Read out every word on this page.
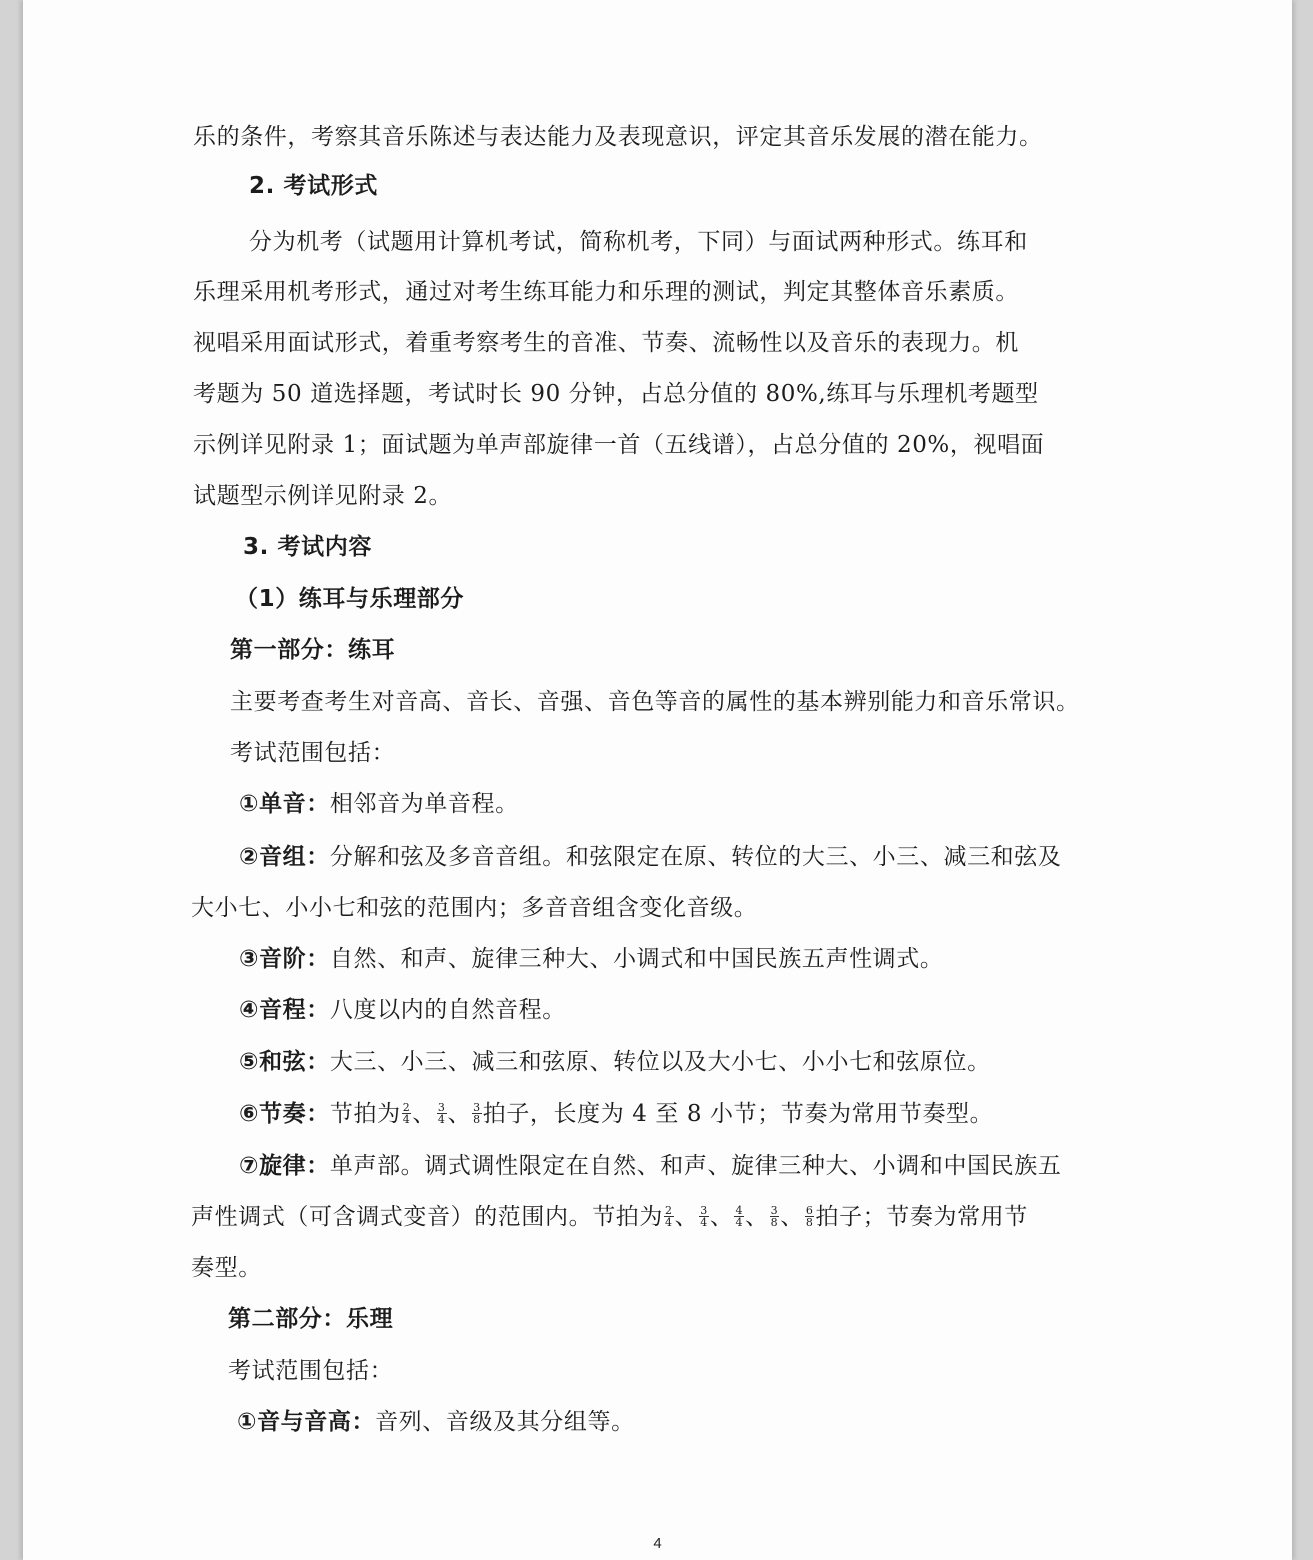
乐的条件，考察其音乐陈述与表达能力及表现意识，评定其音乐发展的潜在能力。
2. 考试形式
分为机考（试题用计算机考试，简称机考，下同）与面试两种形式。练耳和
乐理采用机考形式，通过对考生练耳能力和乐理的测试，判定其整体音乐素质。
视唱采用面试形式，着重考察考生的音准、节奏、流畅性以及音乐的表现力。机
考题为 50 道选择题，考试时长 90 分钟，占总分值的 80%,练耳与乐理机考题型
示例详见附录 1；面试题为单声部旋律一首（五线谱），占总分值的 20%，视唱面
试题型示例详见附录 2。
3. 考试内容
（1）练耳与乐理部分
第一部分：练耳
主要考查考生对音高、音长、音强、音色等音的属性的基本辨别能力和音乐常识。
考试范围包括：
①单音：相邻音为单音程。
②音组：分解和弦及多音音组。和弦限定在原、转位的大三、小三、减三和弦及
大小七、小小七和弦的范围内；多音音组含变化音级。
③音阶：自然、和声、旋律三种大、小调式和中国民族五声性调式。
④音程：八度以内的自然音程。
⑤和弦：大三、小三、减三和弦原、转位以及大小七、小小七和弦原位。
⑥节奏：节拍为 $\frac{2}{4}$ 、 $\frac{3}{4}$ 、 $\frac{3}{8}$ 拍子，长度为 4 至 8 小节；节奏为常用节奏型。
⑦旋律：单声部。调式调性限定在自然、和声、旋律三种大、小调和中国民族五
声性调式（可含调式变音）的范围内。节拍为 $\frac{2}{4}$ 、 $\frac{3}{4}$ 、 $\frac{4}{4}$ 、 $\frac{3}{8}$ 、 $\frac{6}{8}$ 拍子；节奏为常用节
奏型。
第二部分：乐理
考试范围包括：
①音与音高：音列、音级及其分组等。
4
